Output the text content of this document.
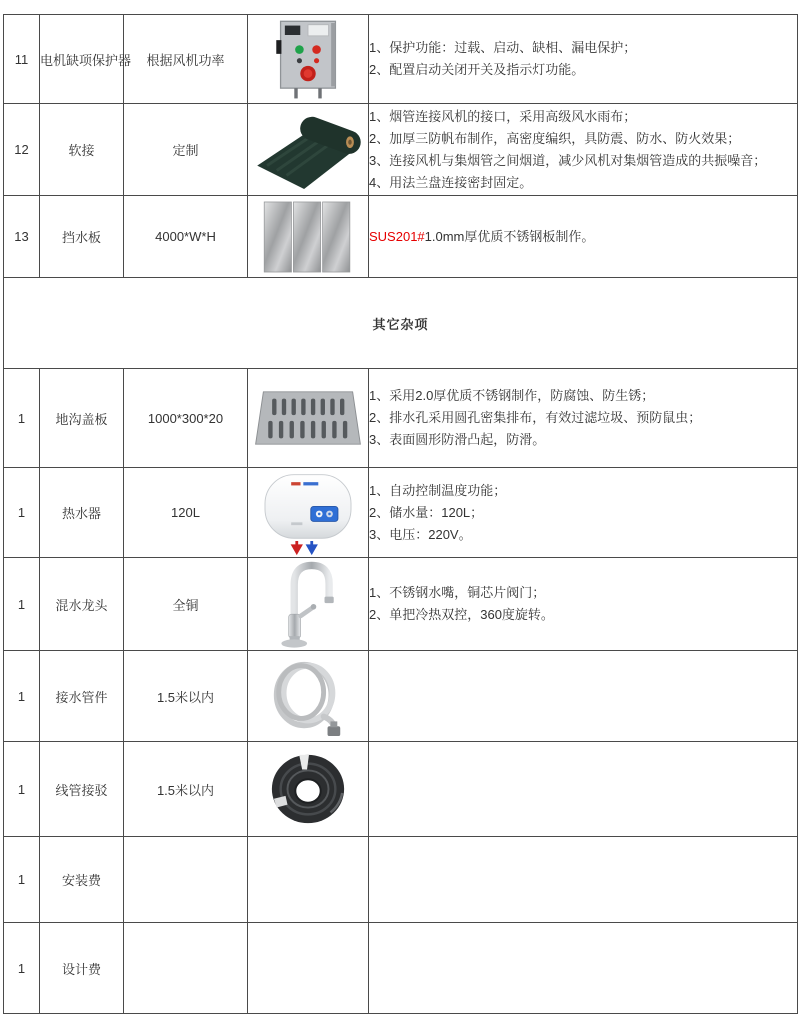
11	电机缺项保护器	根据风机功率		1、保护功能：过载、启动、缺相、漏电保护；
2、配置启动关闭开关及指示灯功能。

12	软接	定制		1、烟管连接风机的接口，采用高级风水雨布；
2、加厚三防帆布制作，高密度编织，具防震、防水、防火效果；
3、连接风机与集烟管之间烟道，减少风机对集烟管造成的共振噪音；
4、用法兰盘连接密封固定。

13	挡水板	4000*W*H		SUS201#1.0mm厚优质不锈钢板制作。

其它杂项				
1	地沟盖板	1000*300*20		1、采用2.0厚优质不锈钢制作，防腐蚀、防生锈；
2、排水孔采用圆孔密集排布，有效过滤垃圾、预防鼠虫；
3、表面圆形防滑凸起，防滑。

1	热水器	120L		1、自动控制温度功能；
2、储水量：120L；
3、电压：220V。

1	混水龙头	全铜		1、不锈钢水嘴，铜芯片阀门；
2、单把冷热双控，360度旋转。

1	接水管件	1.5米以内		
1	线管接驳	1.5米以内		
1	安装费			
1	设计费			
